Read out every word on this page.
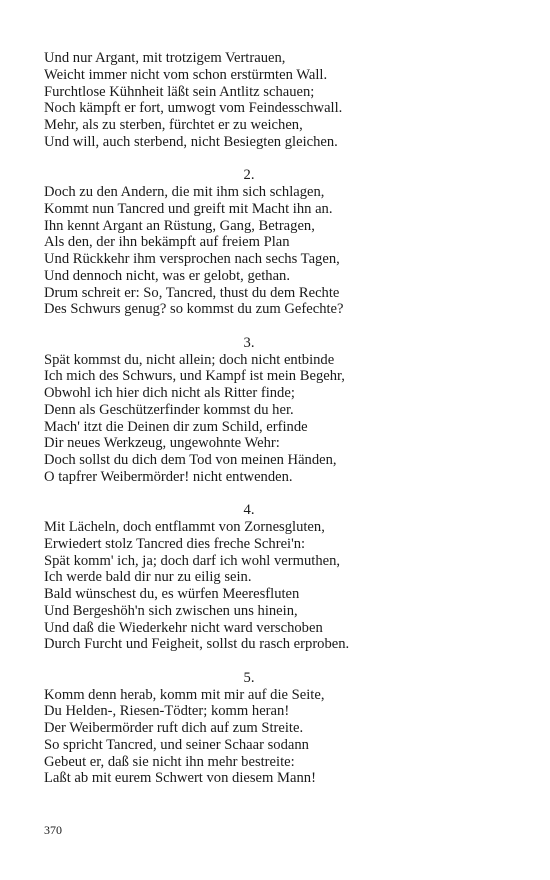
Und nur Argant, mit trotzigem Vertrauen,
Weicht immer nicht vom schon erstürmten Wall.
Furchtlose Kühnheit läßt sein Antlitz schauen;
Noch kämpft er fort, umwogt vom Feindesschwall.
Mehr, als zu sterben, fürchtet er zu weichen,
Und will, auch sterbend, nicht Besiegten gleichen.
2.
Doch zu den Andern, die mit ihm sich schlagen,
Kommt nun Tancred und greift mit Macht ihn an.
Ihn kennt Argant an Rüstung, Gang, Betragen,
Als den, der ihn bekämpft auf freiem Plan
Und Rückkehr ihm versprochen nach sechs Tagen,
Und dennoch nicht, was er gelobt, gethan.
Drum schreit er: So, Tancred, thust du dem Rechte
Des Schwurs genug? so kommst du zum Gefechte?
3.
Spät kommst du, nicht allein; doch nicht entbinde
Ich mich des Schwurs, und Kampf ist mein Begehr,
Obwohl ich hier dich nicht als Ritter finde;
Denn als Geschützerfinder kommst du her.
Mach' itzt die Deinen dir zum Schild, erfinde
Dir neues Werkzeug, ungewohnte Wehr:
Doch sollst du dich dem Tod von meinen Händen,
O tapfrer Weibermörder! nicht entwenden.
4.
Mit Lächeln, doch entflammt von Zornesgluten,
Erwiedert stolz Tancred dies freche Schrei'n:
Spät komm' ich, ja; doch darf ich wohl vermuthen,
Ich werde bald dir nur zu eilig sein.
Bald wünschest du, es würfen Meeresfluten
Und Bergeshöh'n sich zwischen uns hinein,
Und daß die Wiederkehr nicht ward verschoben
Durch Furcht und Feigheit, sollst du rasch erproben.
5.
Komm denn herab, komm mit mir auf die Seite,
Du Helden-, Riesen-Tödter; komm heran!
Der Weibermörder ruft dich auf zum Streite.
So spricht Tancred, und seiner Schaar sodann
Gebeut er, daß sie nicht ihn mehr bestreite:
Laßt ab mit eurem Schwert von diesem Mann!
370
